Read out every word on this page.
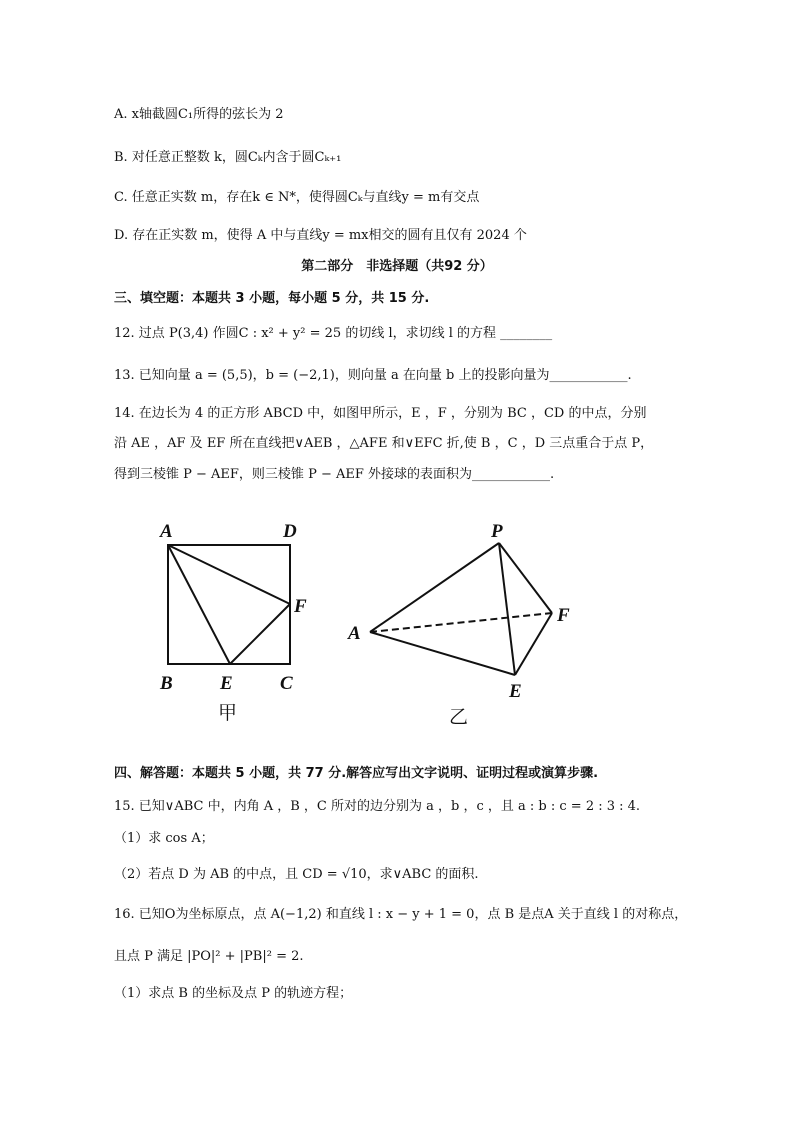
A. x轴截圆C₁所得的弦长为 2
B. 对任意正整数 k，圆Cₖ内含于圆Cₖ₊₁
C. 任意正实数 m，存在k ∈ N*，使得圆Cₖ与直线y = m有交点
D. 存在正实数 m，使得 A 中与直线y = mx相交的圆有且仅有 2024 个
第二部分　非选择题（共92 分）
三、填空题：本题共 3 小题，每小题 5 分，共 15 分.
12. 过点 P(3,4) 作圆C : x² + y² = 25 的切线 l，求切线 l 的方程 ________
13. 已知向量 a = (5,5)，b = (−2,1)，则向量 a 在向量 b 上的投影向量为____________.
14. 在边长为 4 的正方形 ABCD 中，如图甲所示，E ，F ，分别为 BC ，CD 的中点，分别
沿 AE ，AF 及 EF 所在直线把∨AEB ，△AFE 和∨EFC 折,使 B ，C ，D 三点重合于点 P，
得到三棱锥 P − AEF，则三棱锥 P − AEF 外接球的表面积为____________.
A	D
F
B E C
甲
P
A
F
E
乙
四、解答题：本题共 5 小题，共 77 分.解答应写出文字说明、证明过程或演算步骤.
15. 已知∨ABC 中，内角 A ，B ，C 所对的边分别为 a ，b ，c ，且 a : b : c = 2 : 3 : 4.
（1）求 cos A；
（2）若点 D 为 AB 的中点，且 CD = √10，求∨ABC 的面积.
16. 已知O为坐标原点，点 A(−1,2) 和直线 l : x − y + 1 = 0，点 B 是点A 关于直线 l 的对称点，
且点 P 满足 |PO|² + |PB|² = 2.
（1）求点 B 的坐标及点 P 的轨迹方程；
